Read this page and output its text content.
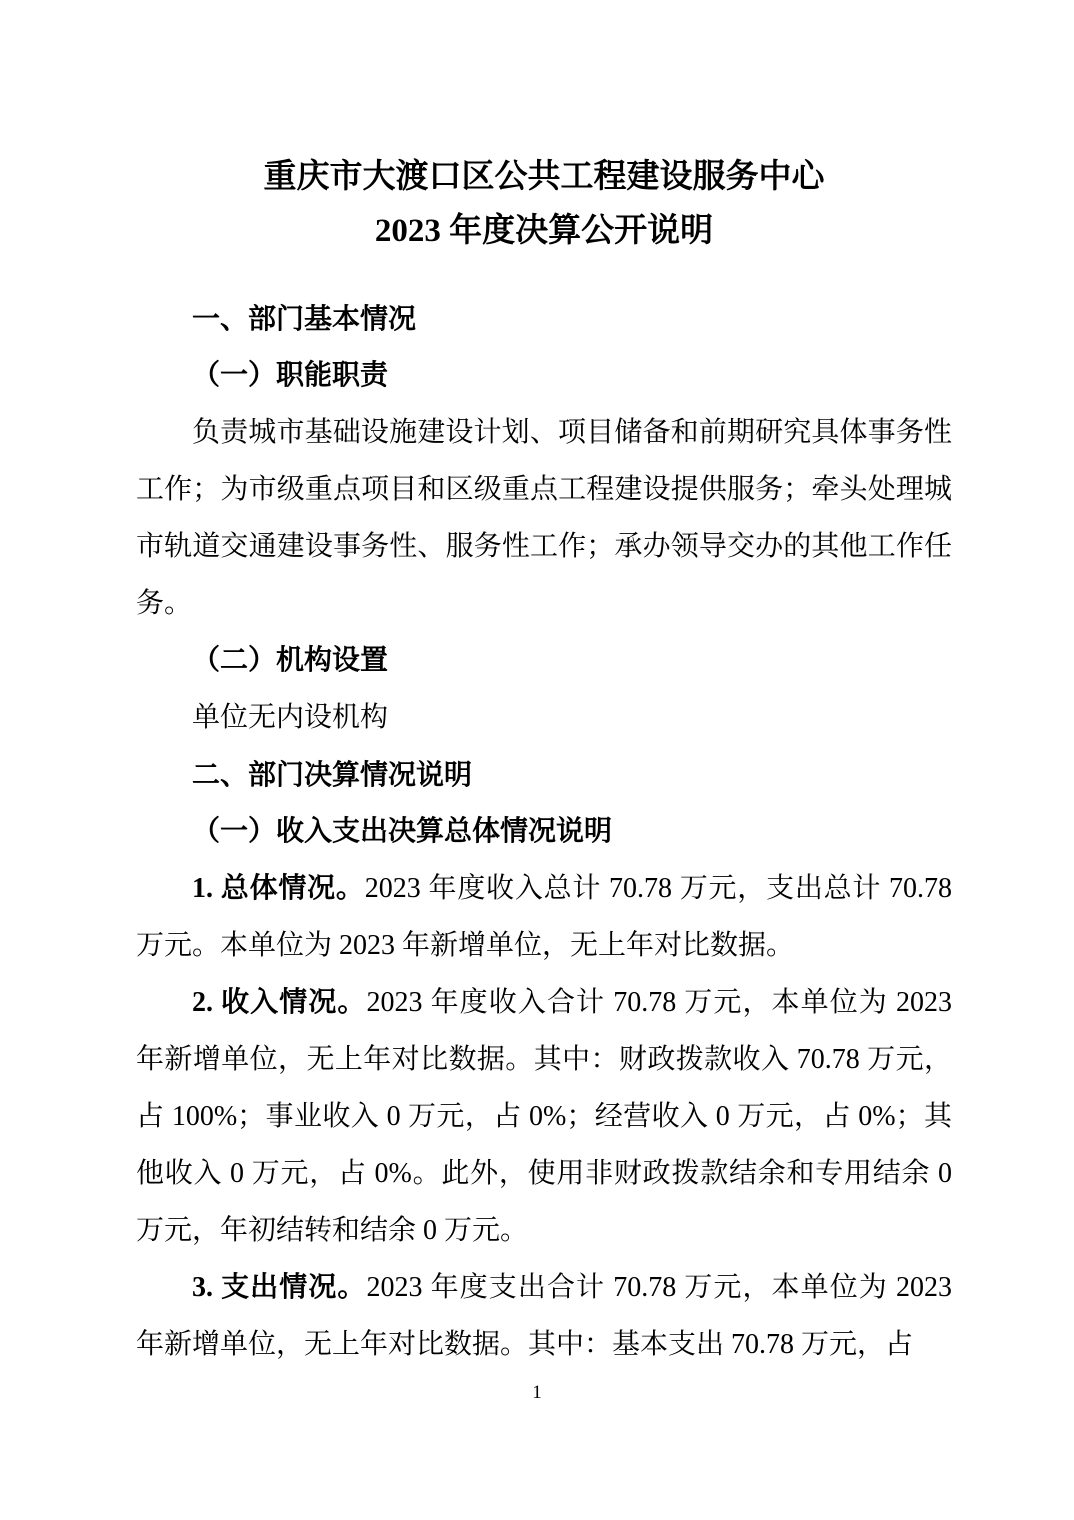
重庆市大渡口区公共工程建设服务中心
2023 年度决算公开说明

一、部门基本情况

（一）职能职责

负责城市基础设施建设计划、项目储备和前期研究具体事务性工作；为市级重点项目和区级重点工程建设提供服务；牵头处理城市轨道交通建设事务性、服务性工作；承办领导交办的其他工作任务。

（二）机构设置

单位无内设机构

二、部门决算情况说明

（一）收入支出决算总体情况说明

1. 总体情况。2023 年度收入总计 70.78 万元，支出总计 70.78 万元。本单位为 2023 年新增单位，无上年对比数据。

2. 收入情况。2023 年度收入合计 70.78 万元，本单位为 2023 年新增单位，无上年对比数据。其中：财政拨款收入 70.78 万元，占 100%；事业收入 0 万元，占 0%；经营收入 0 万元，占 0%；其他收入 0 万元，占 0%。此外，使用非财政拨款结余和专用结余 0 万元，年初结转和结余 0 万元。

3. 支出情况。2023 年度支出合计 70.78 万元，本单位为 2023 年新增单位，无上年对比数据。其中：基本支出 70.78 万元，占

1
